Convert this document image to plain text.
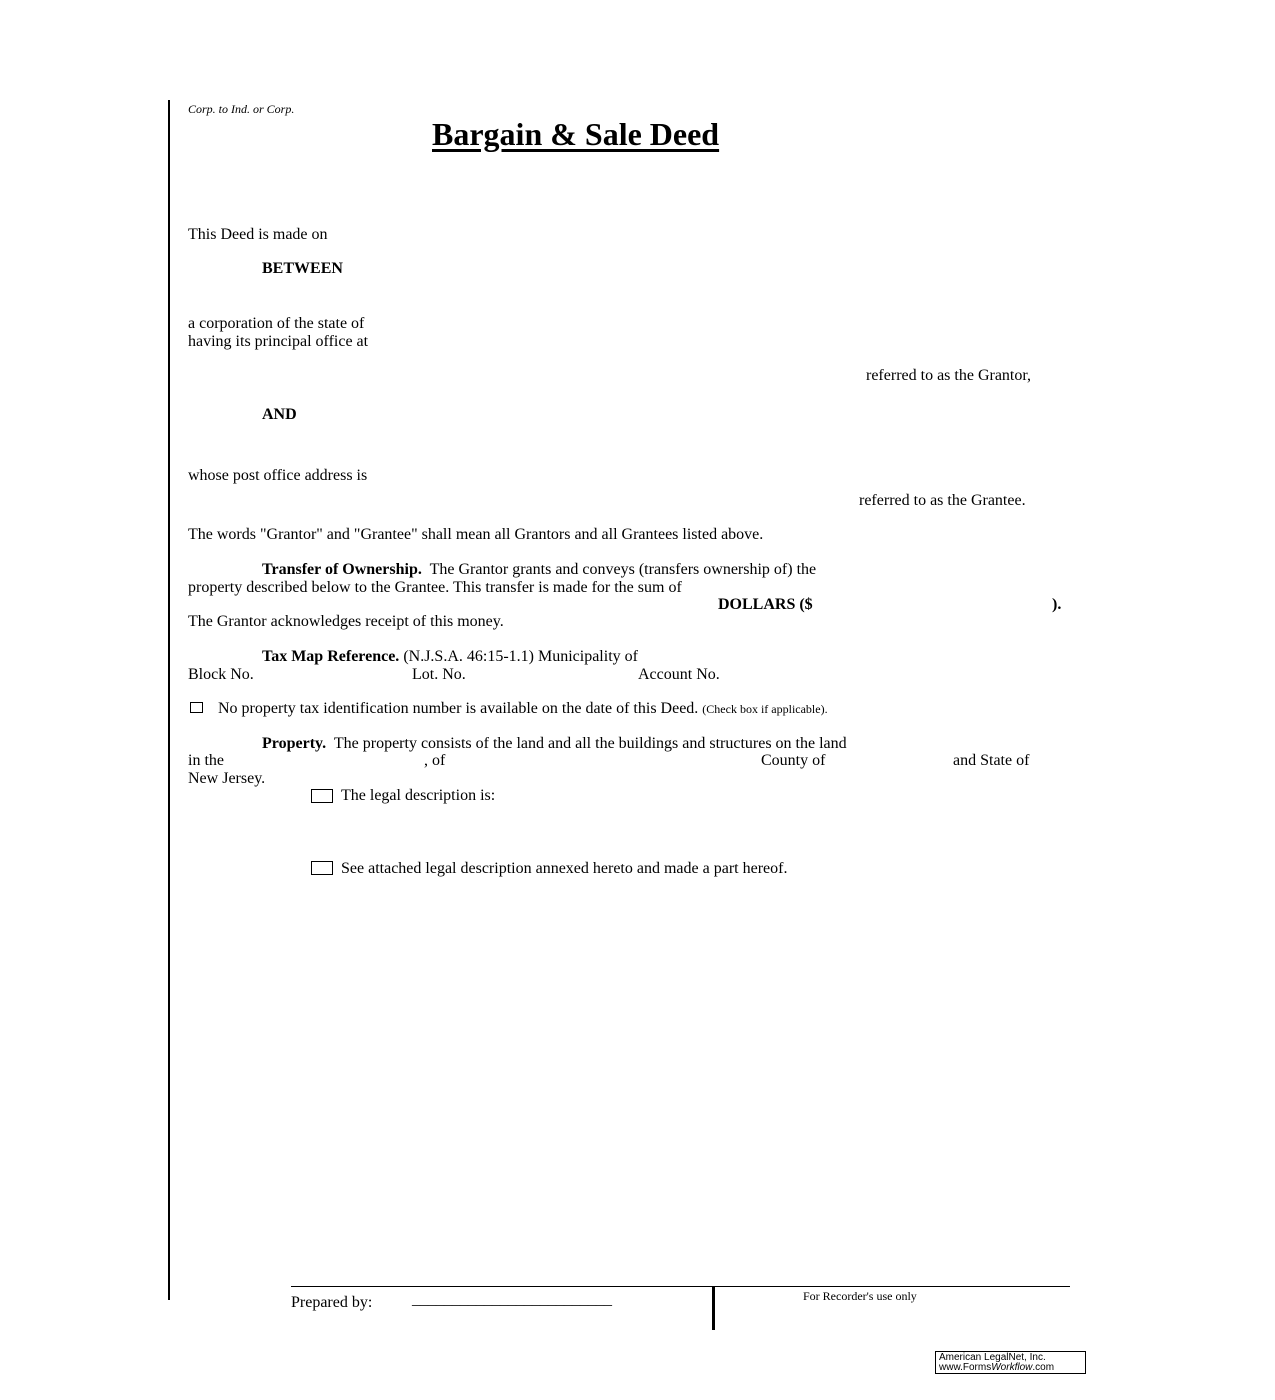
Corp. to Ind. or Corp.
Bargain & Sale Deed
This Deed is made on
BETWEEN
a corporation of the state of
having its principal office at
referred to as the Grantor,
AND
whose post office address is
referred to as the Grantee.
The words "Grantor" and "Grantee" shall mean all Grantors and all Grantees listed above.
Transfer of Ownership. The Grantor grants and conveys (transfers ownership of) the
property described below to the Grantee. This transfer is made for the sum of
DOLLARS ($	).
The Grantor acknowledges receipt of this money.
Tax Map Reference. (N.J.S.A. 46:15-1.1) Municipality of
Block No.	Lot. No.	Account No.
No property tax identification number is available on the date of this Deed. (Check box if applicable).
Property. The property consists of the land and all the buildings and structures on the land
in the	, of	County of	and State of
New Jersey.
The legal description is:
See attached legal description annexed hereto and made a part hereof.
Prepared by: _________________________	For Recorder's use only
American LegalNet, Inc.
www.FormsWorkflow.com
